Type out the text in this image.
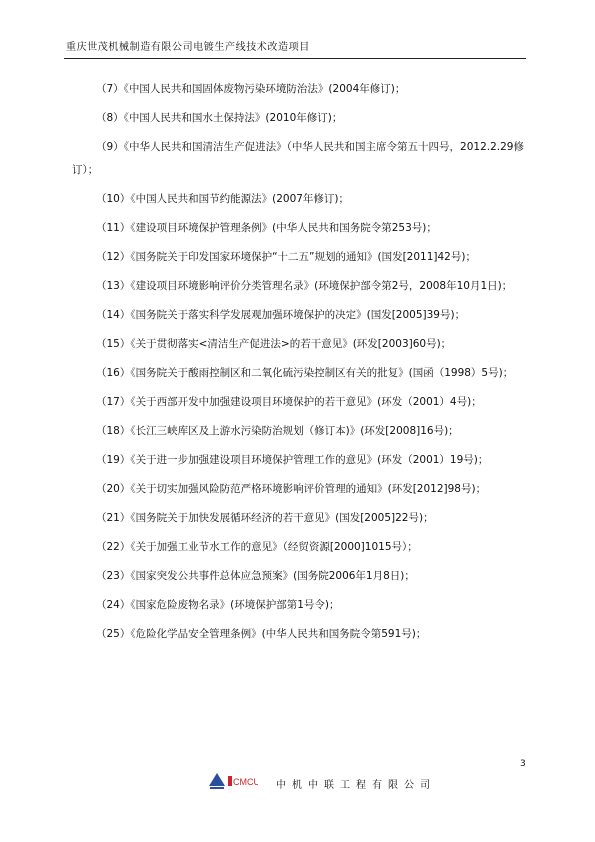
重庆世茂机械制造有限公司电镀生产线技术改造项目

（7）《中国人民共和国固体废物污染环境防治法》(2004年修订)；

（8）《中国人民共和国水土保持法》(2010年修订)；

（9）《中华人民共和国清洁生产促进法》（中华人民共和国主席令第五十四号，2012.2.29修订）；

（10）《中国人民共和国节约能源法》(2007年修订)；

（11）《建设项目环境保护管理条例》(中华人民共和国务院令第253号)；

（12）《国务院关于印发国家环境保护“十二五”规划的通知》(国发[2011]42号)；

（13）《建设项目环境影响评价分类管理名录》(环境保护部令第2号，2008年10月1日)；

（14）《国务院关于落实科学发展观加强环境保护的决定》(国发[2005]39号)；

（15）《关于贯彻落实<清洁生产促进法>的若干意见》(环发[2003]60号)；

（16）《国务院关于酸雨控制区和二氧化硫污染控制区有关的批复》(国函（1998）5号)；

（17）《关于西部开发中加强建设项目环境保护的若干意见》(环发（2001）4号)；

（18）《长江三峡库区及上游水污染防治规划（修订本)》(环发[2008]16号)；

（19）《关于进一步加强建设项目环境保护管理工作的意见》(环发（2001）19号)；

（20）《关于切实加强风险防范严格环境影响评价管理的通知》(环发[2012]98号)；

（21）《国务院关于加快发展循环经济的若干意见》(国发[2005]22号)；

（22）《关于加强工业节水工作的意见》（经贸资源[2000]1015号）；

（23）《国家突发公共事件总体应急预案》(国务院2006年1月8日)；

（24）《国家危险废物名录》(环境保护部第1号令)；

（25）《危险化学品安全管理条例》(中华人民共和国务院令第591号)；

3
CMCU 中机中联工程有限公司
